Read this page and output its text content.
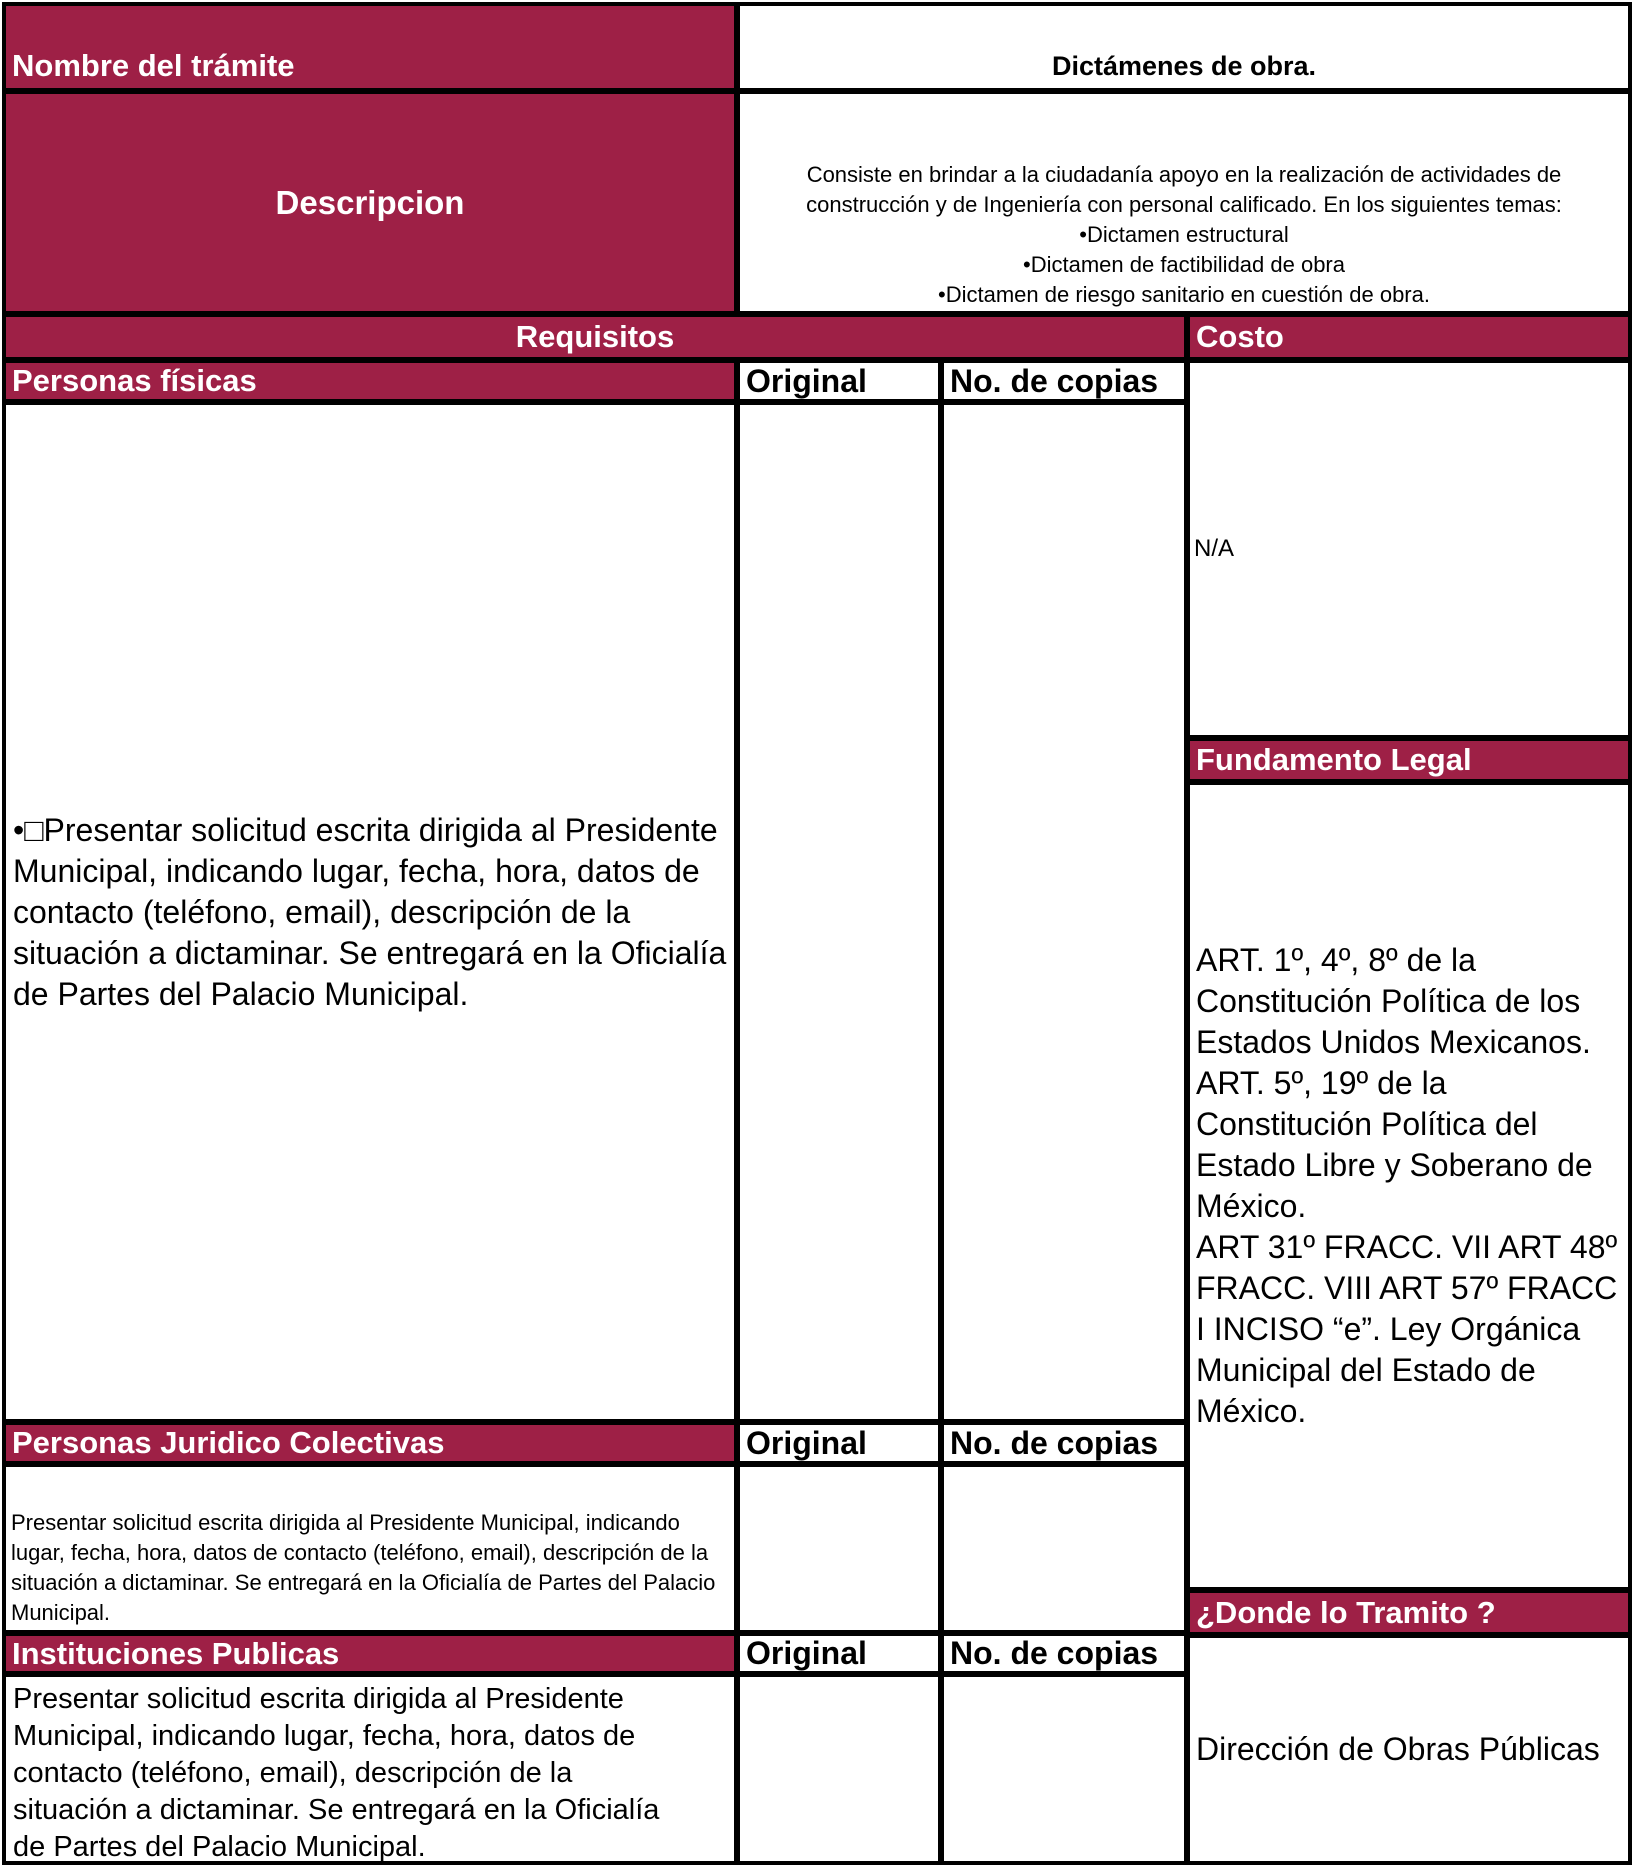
Nombre del trámite	Dictámenes de obra.
Descripcion
Consiste en brindar a la ciudadanía apoyo en la realización de actividades de construcción y de Ingeniería con personal calificado. En los siguientes temas:
•Dictamen estructural
•Dictamen de factibilidad de obra
•Dictamen de riesgo sanitario en cuestión de obra.
Requisitos	Costo
N/A
Fundamento Legal
ART. 1º, 4º, 8º de la Constitución Política de los Estados Unidos Mexicanos.
ART. 5º, 19º de la Constitución Política del Estado Libre y Soberano de México.
ART 31º FRACC. VII ART 48º FRACC. VIII ART 57º FRACC I INCISO “e”. Ley Orgánica Municipal del Estado de México.
¿Donde lo Tramito ?
Dirección de Obras Públicas
Personas físicas	Original	No. de copias
•□Presentar solicitud escrita dirigida al Presidente Municipal, indicando lugar, fecha, hora, datos de contacto (teléfono, email), descripción de la situación a dictaminar. Se entregará en la Oficialía de Partes del Palacio Municipal.
Personas Juridico Colectivas	Original	No. de copias
Presentar solicitud escrita dirigida al Presidente Municipal, indicando lugar, fecha, hora, datos de contacto (teléfono, email), descripción de la situación a dictaminar. Se entregará en la Oficialía de Partes del Palacio Municipal.
Instituciones Publicas	Original	No. de copias
Presentar solicitud escrita dirigida al Presidente Municipal, indicando lugar, fecha, hora, datos de contacto (teléfono, email), descripción de la situación a dictaminar. Se entregará en la Oficialía de Partes del Palacio Municipal.
